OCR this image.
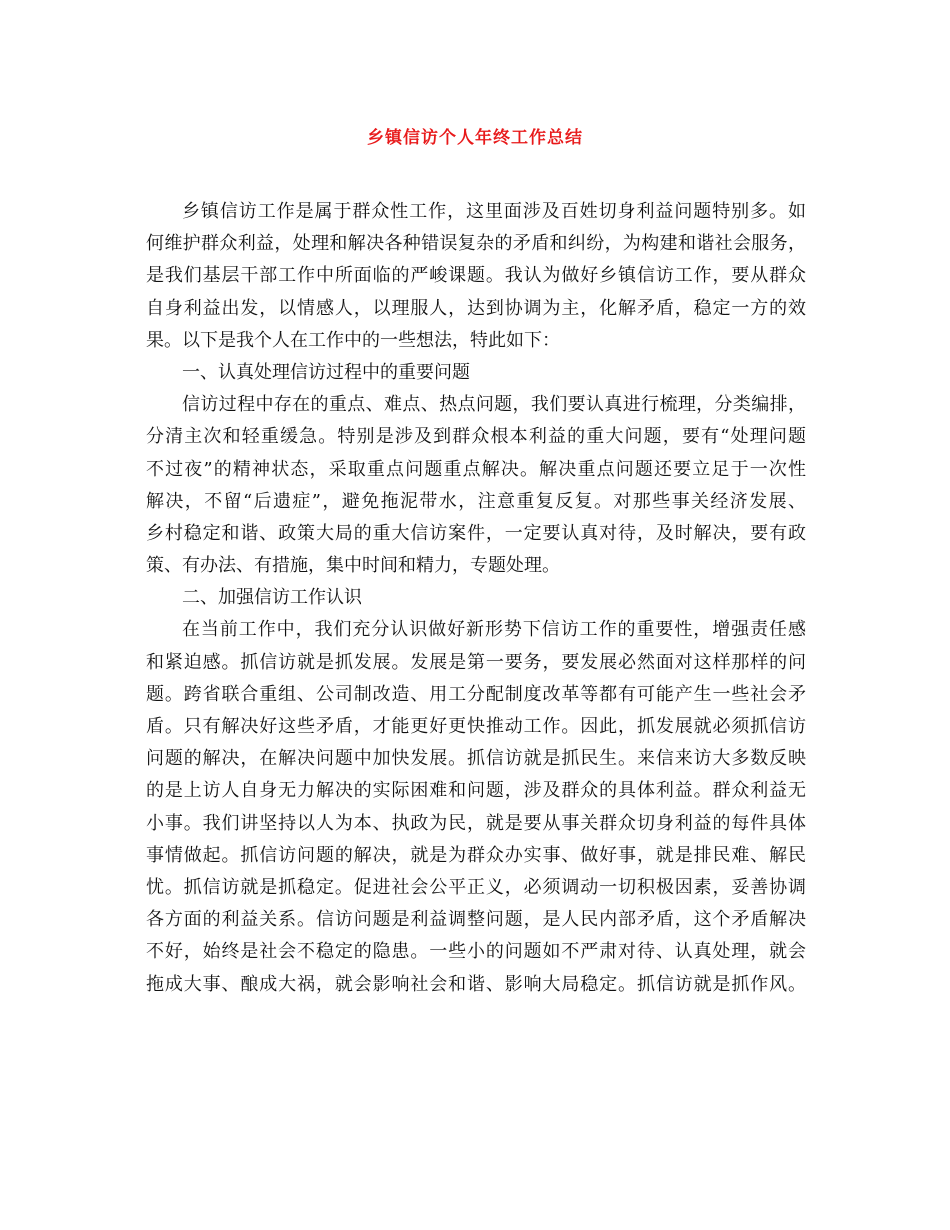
乡镇信访个人年终工作总结
乡镇信访工作是属于群众性工作，这里面涉及百姓切身利益问题特别多。如
何维护群众利益，处理和解决各种错误复杂的矛盾和纠纷，为构建和谐社会服务，
是我们基层干部工作中所面临的严峻课题。我认为做好乡镇信访工作，要从群众
自身利益出发，以情感人，以理服人，达到协调为主，化解矛盾，稳定一方的效
果。以下是我个人在工作中的一些想法，特此如下：
一、认真处理信访过程中的重要问题
信访过程中存在的重点、难点、热点问题，我们要认真进行梳理，分类编排，
分清主次和轻重缓急。特别是涉及到群众根本利益的重大问题，要有“处理问题
不过夜”的精神状态，采取重点问题重点解决。解决重点问题还要立足于一次性
解决，不留“后遗症”，避免拖泥带水，注意重复反复。对那些事关经济发展、
乡村稳定和谐、政策大局的重大信访案件，一定要认真对待，及时解决，要有政
策、有办法、有措施，集中时间和精力，专题处理。
二、加强信访工作认识
在当前工作中，我们充分认识做好新形势下信访工作的重要性，增强责任感
和紧迫感。抓信访就是抓发展。发展是第一要务，要发展必然面对这样那样的问
题。跨省联合重组、公司制改造、用工分配制度改革等都有可能产生一些社会矛
盾。只有解决好这些矛盾，才能更好更快推动工作。因此，抓发展就必须抓信访
问题的解决，在解决问题中加快发展。抓信访就是抓民生。来信来访大多数反映
的是上访人自身无力解决的实际困难和问题，涉及群众的具体利益。群众利益无
小事。我们讲坚持以人为本、执政为民，就是要从事关群众切身利益的每件具体
事情做起。抓信访问题的解决，就是为群众办实事、做好事，就是排民难、解民
忧。抓信访就是抓稳定。促进社会公平正义，必须调动一切积极因素，妥善协调
各方面的利益关系。信访问题是利益调整问题，是人民内部矛盾，这个矛盾解决
不好，始终是社会不稳定的隐患。一些小的问题如不严肃对待、认真处理，就会
拖成大事、酿成大祸，就会影响社会和谐、影响大局稳定。抓信访就是抓作风。
